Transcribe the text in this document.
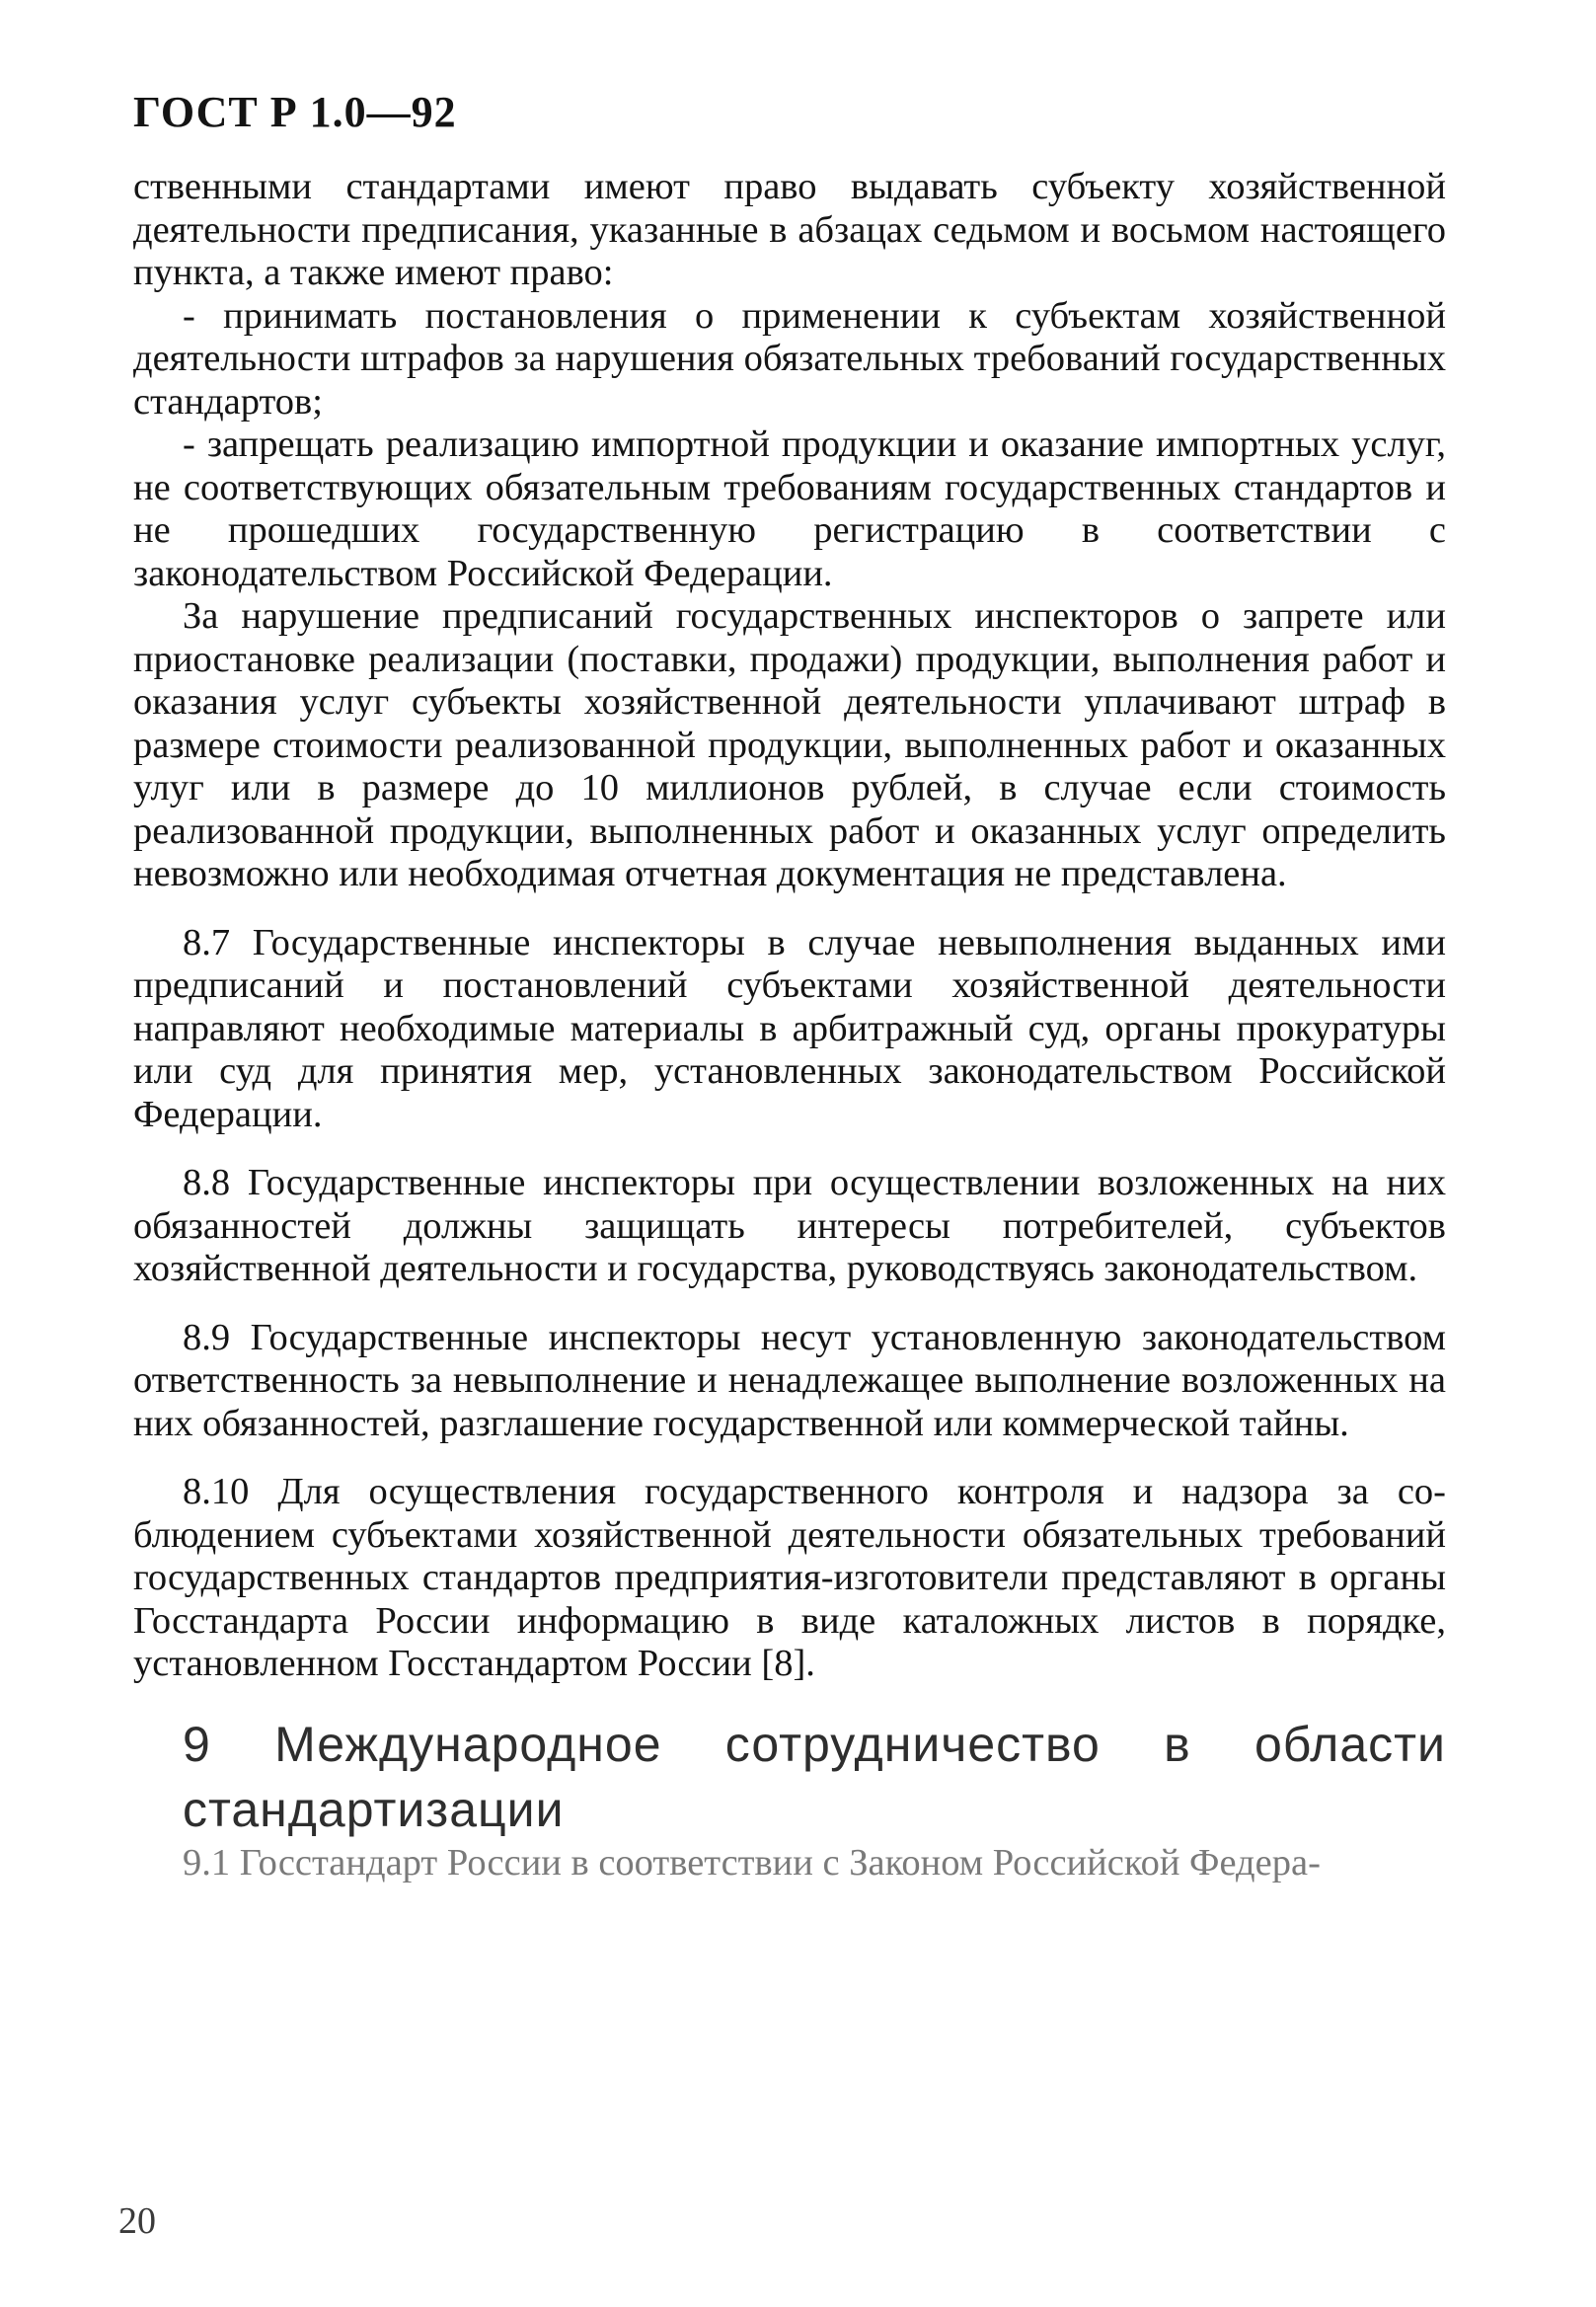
ГОСТ Р 1.0—92

ственными стандартами имеют право выдавать субъекту хозяйственной деятельности предписания, указанные в абзацах седьмом и восьмом настоящего пункта, а также имеют право:

- принимать постановления о применении к субъектам хозяйственной деятельности штрафов за нарушения обязательных требований государственных стандартов;

- запрещать реализацию импортной продукции и оказание импортных услуг, не соответствующих обязательным требованиям государственных стандартов и не прошедших государственную регистрацию в соответствии с законодательством Российской Федерации.

За нарушение предписаний государственных инспекторов о запрете или приостановке реализации (поставки, продажи) продукции, выполнения работ и оказания услуг субъекты хозяйственной деятельности уплачивают штраф в размере стоимости реализованной продукции, выполненных работ и оказанных улуг или в размере до 10 миллионов рублей, в случае если стоимость реализованной продукции, выполненных работ и оказанных услуг определить невозможно или необходимая отчетная документация не представлена.

8.7 Государственные инспекторы в случае невыполнения выданных ими предписаний и постановлений субъектами хозяйственной деятельности направляют необходимые материалы в арбитражный суд, органы прокуратуры или суд для принятия мер, установленных законодательством Российской Федерации.

8.8 Государственные инспекторы при осуществлении возложенных на них обязанностей должны защищать интересы потребителей, субъектов хозяйственной деятельности и государства, руководствуясь законодательством.

8.9 Государственные инспекторы несут установленную законодательством ответственность за невыполнение и ненадлежащее выполнение возложенных на них обязанностей, разглашение государственной или коммерческой тайны.

8.10 Для осуществления государственного контроля и надзора за соблюдением субъектами хозяйственной деятельности обязательных требований государственных стандартов предприятия-изготовители представляют в органы Госстандарта России информацию в виде каталожных листов в порядке, установленном Госстандартом России [8].

9 Международное сотрудничество в области стандартизации

9.1 Госстандарт России в соответствии с Законом Российской Федера-

20
